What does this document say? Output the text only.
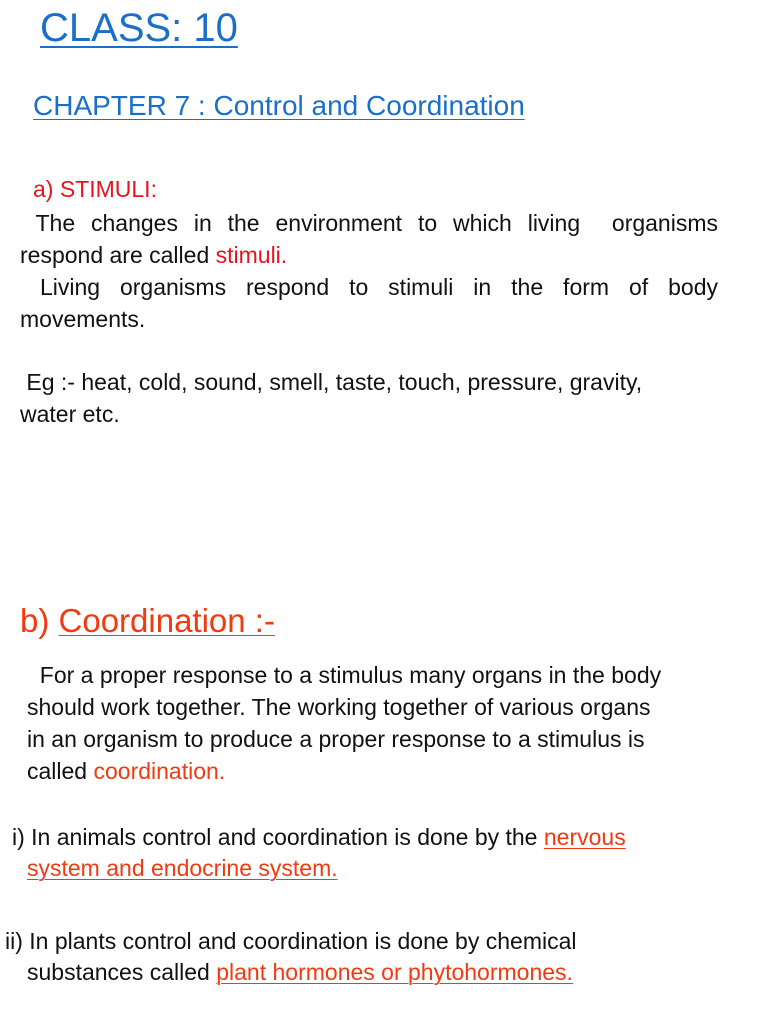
CLASS: 10
CHAPTER 7 : Control and Coordination
a) STIMULI:
The changes in the environment to which living  organisms
respond are called stimuli.
Living organisms respond to stimuli in the form of body
movements.
Eg :- heat, cold, sound, smell, taste, touch, pressure, gravity,
water etc.
b) Coordination :-
For a proper response to a stimulus many organs in the body
should work together. The working together of various organs
in an organism to produce a proper response to a stimulus is
called coordination.
i) In animals control and coordination is done by the nervous
system and endocrine system.
ii) In plants control and coordination is done by chemical
substances called plant hormones or phytohormones.
